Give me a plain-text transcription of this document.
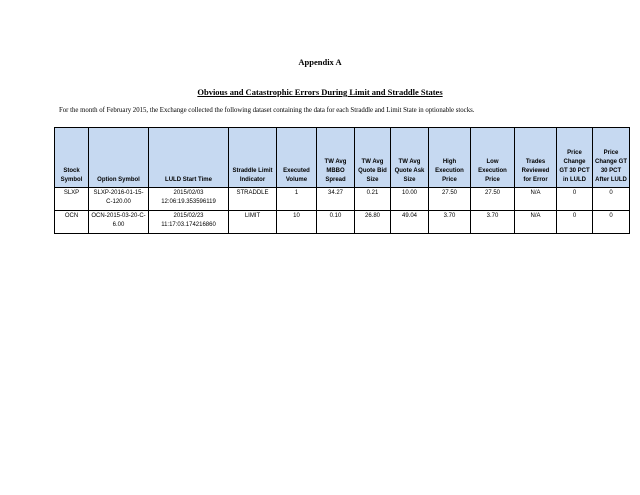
Appendix A
Obvious and Catastrophic Errors During Limit and Straddle States
For the month of February 2015, the Exchange collected the following dataset containing the data for each Straddle and Limit State in optionable stocks.
Stock Symbol	Option Symbol	LULD Start Time	Straddle Limit Indicator	Executed Volume	TW Avg MBBO Spread	TW Avg Quote Bid Size	TW Avg Quote Ask Size	High Execution Price	Low Execution Price	Trades Reviewed for Error	Price Change GT 30 PCT in LULD	Price Change GT 30 PCT After LULD
SLXP	SLXP-2016-01-15-C-120.00	2015/02/03 12:06:19.353596119	STRADDLE	1	34.27	0.21	10.00	27.50	27.50	N/A	0	0
OCN	OCN-2015-03-20-C-6.00	2015/02/23 11:17:03.174216860	LIMIT	10	0.10	26.80	49.04	3.70	3.70	N/A	0	0
